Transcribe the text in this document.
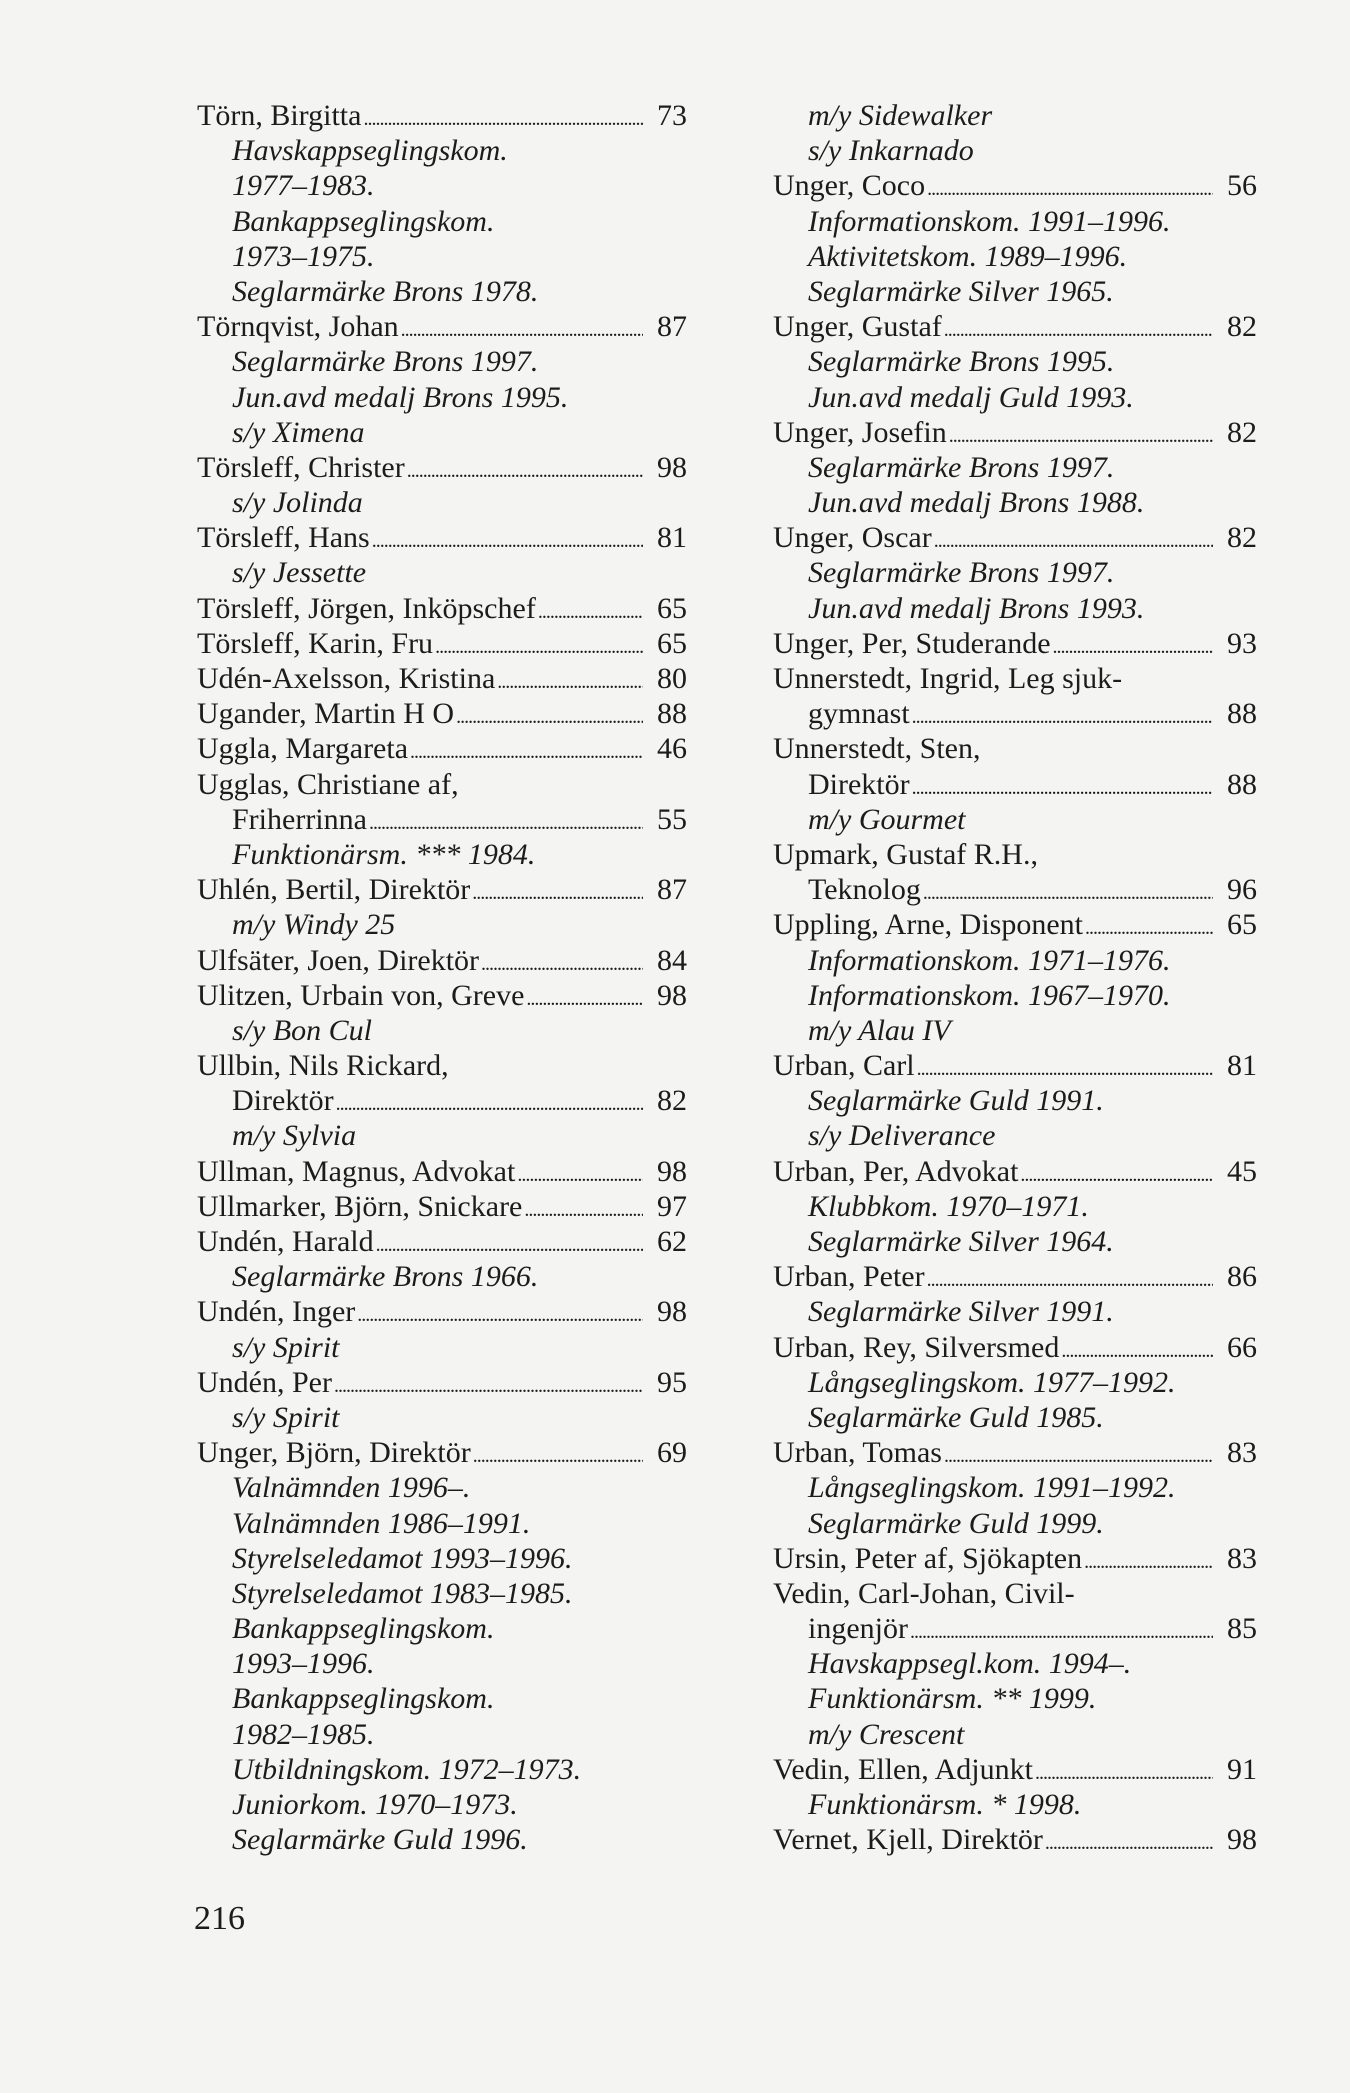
Törn, Birgitta . . .	73
Havskappseglingskom.
1977–1983.
Bankappseglingskom.
1973–1975.
Seglarmärke Brons 1978.
Törnqvist, Johan . . .	87
Seglarmärke Brons 1997.
Jun.avd medalj Brons 1995.
s/y Ximena
Törsleff, Christer . . .	98
s/y Jolinda
Törsleff, Hans . . .	81
s/y Jessette
Törsleff, Jörgen, Inköpschef . . .	65
Törsleff, Karin, Fru . . .	65
Udén-Axelsson, Kristina . . .	80
Ugander, Martin H O . . .	88
Uggla, Margareta . . .	46
Ugglas, Christiane af,
Friherrinna . . .	55
Funktionärsm. *** 1984.
Uhlén, Bertil, Direktör . . .	87
m/y Windy 25
Ulfsäter, Joen, Direktör . . .	84
Ulitzen, Urbain von, Greve . . .	98
s/y Bon Cul
Ullbin, Nils Rickard,
Direktör . . .	82
m/y Sylvia
Ullman, Magnus, Advokat . . .	98
Ullmarker, Björn, Snickare . . .	97
Undén, Harald . . .	62
Seglarmärke Brons 1966.
Undén, Inger . . .	98
s/y Spirit
Undén, Per . . .	95
s/y Spirit
Unger, Björn, Direktör . . .	69
Valnämnden 1996–.
Valnämnden 1986–1991.
Styrelseledamot 1993–1996.
Styrelseledamot 1983–1985.
Bankappseglingskom.
1993–1996.
Bankappseglingskom.
1982–1985.
Utbildningskom. 1972–1973.
Juniorkom. 1970–1973.
Seglarmärke Guld 1996.
m/y Sidewalker
s/y Inkarnado
Unger, Coco . . .	56
Informationskom. 1991–1996.
Aktivitetskom. 1989–1996.
Seglarmärke Silver 1965.
Unger, Gustaf . . .	82
Seglarmärke Brons 1995.
Jun.avd medalj Guld 1993.
Unger, Josefin . . .	82
Seglarmärke Brons 1997.
Jun.avd medalj Brons 1988.
Unger, Oscar . . .	82
Seglarmärke Brons 1997.
Jun.avd medalj Brons 1993.
Unger, Per, Studerande . . .	93
Unnerstedt, Ingrid, Leg sjuk-
gymnast . . .	88
Unnerstedt, Sten,
Direktör . . .	88
m/y Gourmet
Upmark, Gustaf R.H.,
Teknolog . . .	96
Uppling, Arne, Disponent . . .	65
Informationskom. 1971–1976.
Informationskom. 1967–1970.
m/y Alau IV
Urban, Carl . . .	81
Seglarmärke Guld 1991.
s/y Deliverance
Urban, Per, Advokat . . .	45
Klubbkom. 1970–1971.
Seglarmärke Silver 1964.
Urban, Peter . . .	86
Seglarmärke Silver 1991.
Urban, Rey, Silversmed . . .	66
Långseglingskom. 1977–1992.
Seglarmärke Guld 1985.
Urban, Tomas . . .	83
Långseglingskom. 1991–1992.
Seglarmärke Guld 1999.
Ursin, Peter af, Sjökapten . . .	83
Vedin, Carl-Johan, Civil-
ingenjör . . .	85
Havskappsegl.kom. 1994–.
Funktionärsm. ** 1999.
m/y Crescent
Vedin, Ellen, Adjunkt . . .	91
Funktionärsm. * 1998.
Vernet, Kjell, Direktör . . .	98
216
